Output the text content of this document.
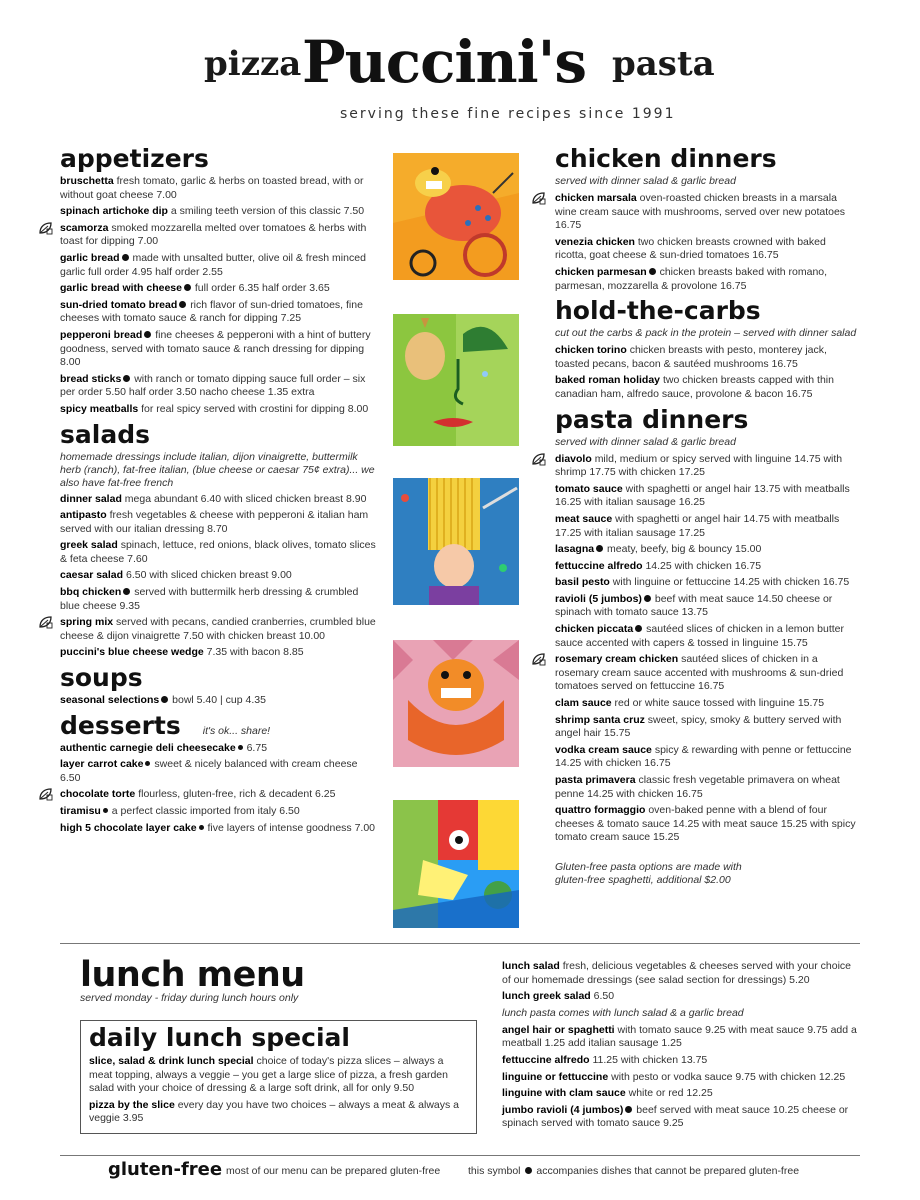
pizza Puccini's pasta
serving these fine recipes since 1991
appetizers
bruschetta fresh tomato, garlic & herbs on toasted bread, with or without goat cheese 7.00
spinach artichoke dip a smiling teeth version of this classic 7.50
scamorza smoked mozzarella melted over tomatoes & herbs with toast for dipping 7.00
garlic bread made with unsalted butter, olive oil & fresh minced garlic full order 4.95 half order 2.55
garlic bread with cheese full order 6.35 half order 3.65
sun-dried tomato bread rich flavor of sun-dried tomatoes, fine cheeses with tomato sauce & ranch for dipping 7.25
pepperoni bread fine cheeses & pepperoni with a hint of buttery goodness, served with tomato sauce & ranch dressing for dipping 8.00
bread sticks with ranch or tomato dipping sauce full order – six per order 5.50 half order 3.50 nacho cheese 1.35 extra
spicy meatballs for real spicy served with crostini for dipping 8.00
salads
homemade dressings include italian, dijon vinaigrette, buttermilk herb (ranch), fat-free italian, (blue cheese or caesar 75¢ extra)... we also have fat-free french
dinner salad mega abundant 6.40 with sliced chicken breast 8.90
antipasto fresh vegetables & cheese with pepperoni & italian ham served with our italian dressing 8.70
greek salad spinach, lettuce, red onions, black olives, tomato slices & feta cheese 7.60
caesar salad 6.50 with sliced chicken breast 9.00
bbq chicken served with buttermilk herb dressing & crumbled blue cheese 9.35
spring mix served with pecans, candied cranberries, crumbled blue cheese & dijon vinaigrette 7.50 with chicken breast 10.00
puccini's blue cheese wedge 7.35 with bacon 8.85
soups
seasonal selections bowl 5.40 | cup 4.35
desserts it's ok... share!
authentic carnegie deli cheesecake 6.75
layer carrot cake sweet & nicely balanced with cream cheese 6.50
chocolate torte flourless, gluten-free, rich & decadent 6.25
tiramisu a perfect classic imported from italy 6.50
high 5 chocolate layer cake five layers of intense goodness 7.00
chicken dinners
served with dinner salad & garlic bread
chicken marsala oven-roasted chicken breasts in a marsala wine cream sauce with mushrooms, served over new potatoes 16.75
venezia chicken two chicken breasts crowned with baked ricotta, goat cheese & sun-dried tomatoes 16.75
chicken parmesan chicken breasts baked with romano, parmesan, mozzarella & provolone 16.75
hold-the-carbs
cut out the carbs & pack in the protein – served with dinner salad
chicken torino chicken breasts with pesto, monterey jack, toasted pecans, bacon & sautéed mushrooms 16.75
baked roman holiday two chicken breasts capped with thin canadian ham, alfredo sauce, provolone & bacon 16.75
pasta dinners
served with dinner salad & garlic bread
diavolo mild, medium or spicy served with linguine 14.75 with shrimp 17.75 with chicken 17.25
tomato sauce with spaghetti or angel hair 13.75 with meatballs 16.25 with italian sausage 16.25
meat sauce with spaghetti or angel hair 14.75 with meatballs 17.25 with italian sausage 17.25
lasagna meaty, beefy, big & bouncy 15.00
fettuccine alfredo 14.25 with chicken 16.75
basil pesto with linguine or fettuccine 14.25 with chicken 16.75
ravioli (5 jumbos) beef with meat sauce 14.50 cheese or spinach with tomato sauce 13.75
chicken piccata sautéed slices of chicken in a lemon butter sauce accented with capers & tossed in linguine 15.75
rosemary cream chicken sautéed slices of chicken in a rosemary cream sauce accented with mushrooms & sun-dried tomatoes served on fettuccine 16.75
clam sauce red or white sauce tossed with linguine 15.75
shrimp santa cruz sweet, spicy, smoky & buttery served with angel hair 15.75
vodka cream sauce spicy & rewarding with penne or fettuccine 14.25 with chicken 16.75
pasta primavera classic fresh vegetable primavera on wheat penne 14.25 with chicken 16.75
quattro formaggio oven-baked penne with a blend of four cheeses & tomato sauce 14.25 with meat sauce 15.25 with spicy tomato cream sauce 15.25
Gluten-free pasta options are made with gluten-free spaghetti, additional $2.00
lunch menu
served monday - friday during lunch hours only
daily lunch special
slice, salad & drink lunch special choice of today's pizza slices – always a meat topping, always a veggie – you get a large slice of pizza, a fresh garden salad with your choice of dressing & a large soft drink, all for only 9.50
pizza by the slice every day you have two choices – always a meat & always a veggie 3.95
lunch salad fresh, delicious vegetables & cheeses served with your choice of our homemade dressings (see salad section for dressings) 5.20
lunch greek salad 6.50
lunch pasta comes with lunch salad & a garlic bread
angel hair or spaghetti with tomato sauce 9.25 with meat sauce 9.75 add a meatball 1.25 add italian sausage 1.25
fettuccine alfredo 11.25 with chicken 13.75
linguine or fettuccine with pesto or vodka sauce 9.75 with chicken 12.25
linguine with clam sauce white or red 12.25
jumbo ravioli (4 jumbos) beef served with meat sauce 10.25 cheese or spinach served with tomato sauce 9.25
gluten-free most of our menu can be prepared gluten-free	this symbol accompanies dishes that cannot be prepared gluten-free
